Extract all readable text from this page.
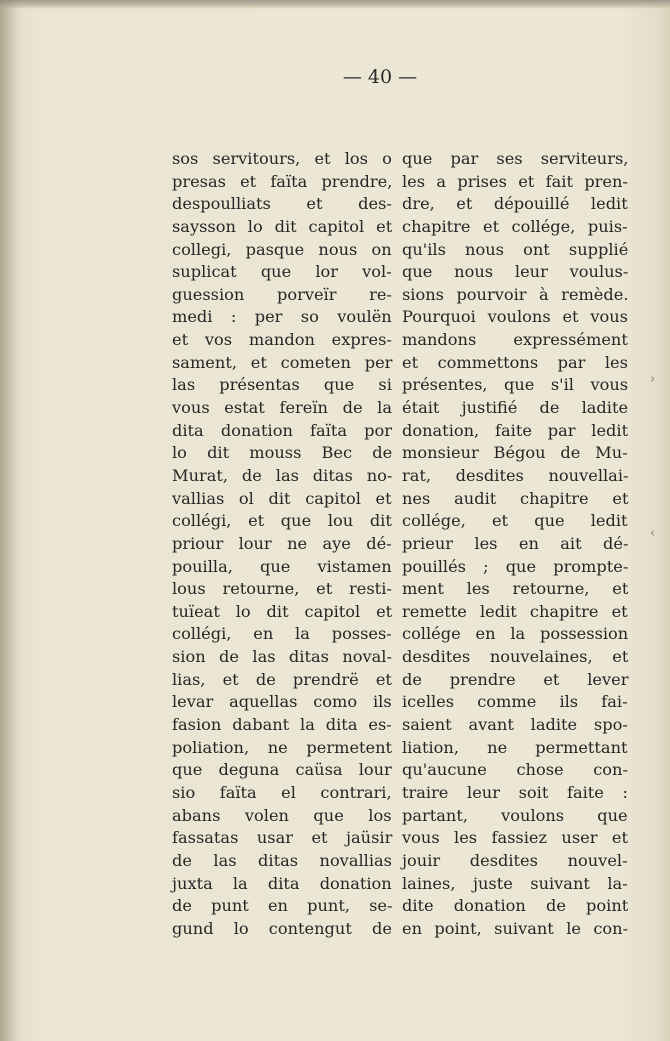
— 40 —
sos servitours, et los o
presas et faïta prendre,
despoulliats et des-
saysson lo dit capitol et
collegi, pasque nous on
suplicat que lor vol-
guession porveïr re-
medi : per so voulën
et vos mandon expres-
sament, et cometen per
las présentas que si
vous estat fereïn de la
dita donation faïta por
lo dit mouss Bec de
Murat, de las ditas no-
vallias ol dit capitol et
collégi, et que lou dit
priour lour ne aye dé-
pouilla, que vistamen
lous retourne, et resti-
tuïeat lo dit capitol et
collégi, en la posses-
sion de las ditas noval-
lias, et de prendrë et
levar aquellas como ils
fasion dabant la dita es-
poliation, ne permetent
que deguna caüsa lour
sio faïta el contrari,
abans volen que los
fassatas usar et jaüsir
de las ditas novallias
juxta la dita donation
de punt en punt, se-
gund lo contengut de
que par ses serviteurs,
les a prises et fait pren-
dre, et dépouillé ledit
chapitre et collége, puis-
qu'ils nous ont supplié
que nous leur voulus-
sions pourvoir à remède.
Pourquoi voulons et vous
mandons expressément
et commettons par les
présentes, que s'il vous
était justifié de ladite
donation, faite par ledit
monsieur Bégou de Mu-
rat, desdites nouvellai-
nes audit chapitre et
collége, et que ledit
prieur les en ait dé-
pouillés ; que prompte-
ment les retourne, et
remette ledit chapitre et
collége en la possession
desdites nouvelaines, et
de prendre et lever
icelles comme ils fai-
saient avant ladite spo-
liation, ne permettant
qu'aucune chose con-
traire leur soit faite :
partant, voulons que
vous les fassiez user et
jouir desdites nouvel-
laines, juste suivant la-
dite donation de point
en point, suivant le con-
›
‹
